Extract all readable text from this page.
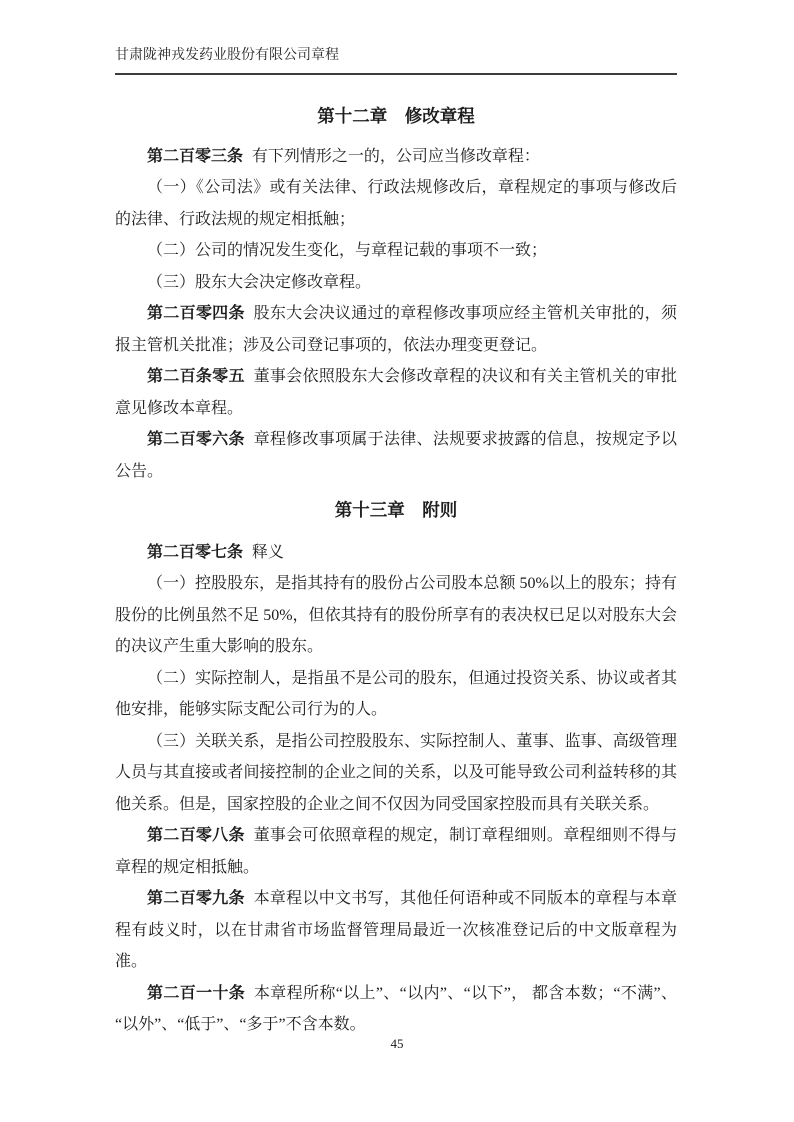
甘肃陇神戎发药业股份有限公司章程
第十二章　修改章程

第二百零三条 有下列情形之一的，公司应当修改章程：

（一）《公司法》或有关法律、行政法规修改后，章程规定的事项与修改后的法律、行政法规的规定相抵触；

（二）公司的情况发生变化，与章程记载的事项不一致；

（三）股东大会决定修改章程。

第二百零四条 股东大会决议通过的章程修改事项应经主管机关审批的，须报主管机关批准；涉及公司登记事项的，依法办理变更登记。

第二百条零五 董事会依照股东大会修改章程的决议和有关主管机关的审批意见修改本章程。

第二百零六条 章程修改事项属于法律、法规要求披露的信息，按规定予以公告。

第十三章　附则

第二百零七条 释义

（一）控股股东，是指其持有的股份占公司股本总额 50%以上的股东；持有股份的比例虽然不足 50%，但依其持有的股份所享有的表决权已足以对股东大会的决议产生重大影响的股东。

（二）实际控制人，是指虽不是公司的股东，但通过投资关系、协议或者其他安排，能够实际支配公司行为的人。

（三）关联关系，是指公司控股股东、实际控制人、董事、监事、高级管理人员与其直接或者间接控制的企业之间的关系，以及可能导致公司利益转移的其他关系。但是，国家控股的企业之间不仅因为同受国家控股而具有关联关系。

第二百零八条 董事会可依照章程的规定，制订章程细则。章程细则不得与章程的规定相抵触。

第二百零九条 本章程以中文书写，其他任何语种或不同版本的章程与本章程有歧义时，以在甘肃省市场监督管理局最近一次核准登记后的中文版章程为准。

第二百一十条 本章程所称“以上”、“以内”、“以下”， 都含本数；“不满”、“以外”、“低于”、“多于”不含本数。

45
